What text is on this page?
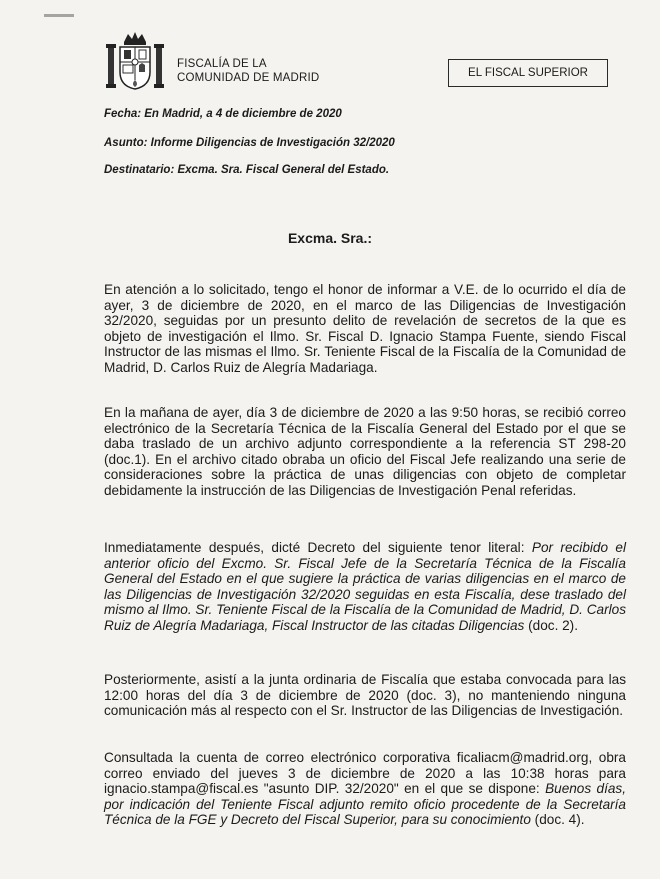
FISCALÍA DE LA
COMUNIDAD DE MADRID	EL FISCAL SUPERIOR
Fecha: En Madrid, a 4 de diciembre de 2020
Asunto: Informe Diligencias de Investigación 32/2020
Destinatario: Excma. Sra. Fiscal General del Estado.
Excma. Sra.:

En atención a lo solicitado, tengo el honor de informar a V.E. de lo ocurrido el día de ayer, 3 de diciembre de 2020, en el marco de las Diligencias de Investigación 32/2020, seguidas por un presunto delito de revelación de secretos de la que es objeto de investigación el Ilmo. Sr. Fiscal D. Ignacio Stampa Fuente, siendo Fiscal Instructor de las mismas el Ilmo. Sr. Teniente Fiscal de la Fiscalía de la Comunidad de Madrid, D. Carlos Ruiz de Alegría Madariaga.

En la mañana de ayer, día 3 de diciembre de 2020 a las 9:50 horas, se recibió correo electrónico de la Secretaría Técnica de la Fiscalía General del Estado por el que se daba traslado de un archivo adjunto correspondiente a la referencia ST 298-20 (doc.1). En el archivo citado obraba un oficio del Fiscal Jefe realizando una serie de consideraciones sobre la práctica de unas diligencias con objeto de completar debidamente la instrucción de las Diligencias de Investigación Penal referidas.

Inmediatamente después, dicté Decreto del siguiente tenor literal: Por recibido el anterior oficio del Excmo. Sr. Fiscal Jefe de la Secretaría Técnica de la Fiscalía General del Estado en el que sugiere la práctica de varias diligencias en el marco de las Diligencias de Investigación 32/2020 seguidas en esta Fiscalía, dese traslado del mismo al Ilmo. Sr. Teniente Fiscal de la Fiscalía de la Comunidad de Madrid, D. Carlos Ruiz de Alegría Madariaga, Fiscal Instructor de las citadas Diligencias (doc. 2).

Posteriormente, asistí a la junta ordinaria de Fiscalía que estaba convocada para las 12:00 horas del día 3 de diciembre de 2020 (doc. 3), no manteniendo ninguna comunicación más al respecto con el Sr. Instructor de las Diligencias de Investigación.

Consultada la cuenta de correo electrónico corporativa ficaliacm@madrid.org, obra correo enviado del jueves 3 de diciembre de 2020 a las 10:38 horas para ignacio.stampa@fiscal.es "asunto DIP. 32/2020" en el que se dispone: Buenos días, por indicación del Teniente Fiscal adjunto remito oficio procedente de la Secretaría Técnica de la FGE y Decreto del Fiscal Superior, para su conocimiento (doc. 4).
